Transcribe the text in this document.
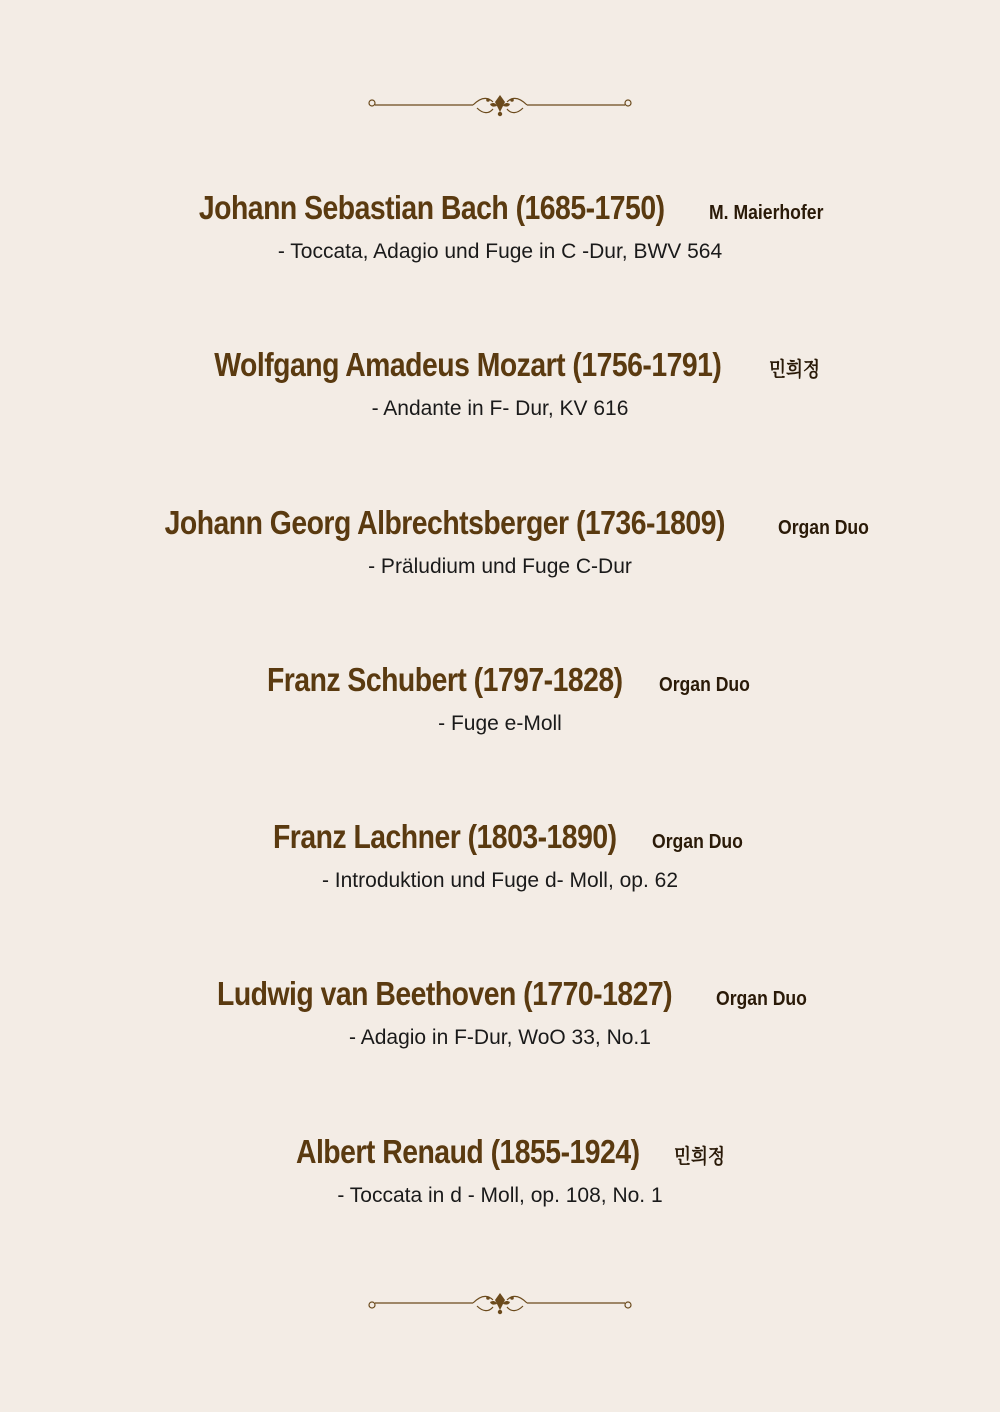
Johann Sebastian Bach (1685-1750) M. Maierhofer
- Toccata, Adagio und Fuge in C -Dur, BWV 564
Wolfgang Amadeus Mozart (1756-1791) 민희정
- Andante in F- Dur, KV 616
Johann Georg Albrechtsberger (1736-1809)	Organ Duo
- Präludium und Fuge C-Dur
Franz Schubert (1797-1828) Organ Duo
- Fuge e-Moll
Franz Lachner (1803-1890) Organ Duo
- Introduktion und Fuge d- Moll, op. 62
Ludwig van Beethoven (1770-1827) Organ Duo
- Adagio in F-Dur, WoO 33, No.1
Albert Renaud (1855-1924) 민희정
- Toccata in d - Moll, op. 108, No. 1
